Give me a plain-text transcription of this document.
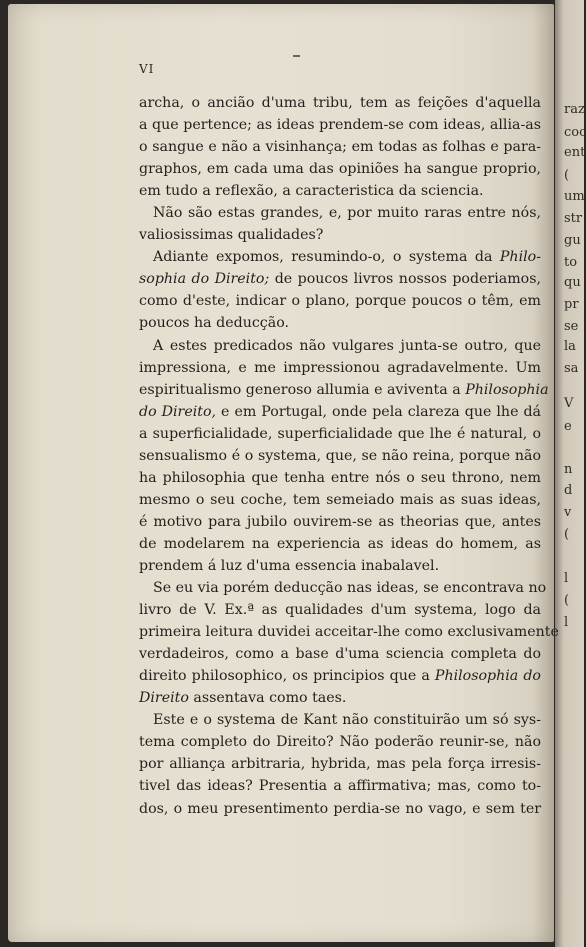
raz
coc
ent
(
um
str
gu
to
qu
pr
se
la
sa
V
e
n
d
v
(
l
(
l
VI
archa, o ancião d'uma tribu, tem as feições d'aquella
a que pertence; as ideas prendem-se com ideas, allia-as
o sangue e não a visinhança; em todas as folhas e para-
graphos, em cada uma das opiniões ha sangue proprio,
em tudo a reflexão, a caracteristica da sciencia.
Não são estas grandes, e, por muito raras entre nós,
valiosissimas qualidades?
Adiante expomos, resumindo-o, o systema da Philo-
sophia do Direito; de poucos livros nossos poderiamos,
como d'este, indicar o plano, porque poucos o têm, em
poucos ha deducção.
A estes predicados não vulgares junta-se outro, que
impressiona, e me impressionou agradavelmente. Um
espiritualismo generoso allumia e aviventa a Philosophia
do Direito, e em Portugal, onde pela clareza que lhe dá
a superficialidade, superficialidade que lhe é natural, o
sensualismo é o systema, que, se não reina, porque não
ha philosophia que tenha entre nós o seu throno, nem
mesmo o seu coche, tem semeiado mais as suas ideas,
é motivo para jubilo ouvirem-se as theorias que, antes
de modelarem na experiencia as ideas do homem, as
prendem á luz d'uma essencia inabalavel.
Se eu via porém deducção nas ideas, se encontrava no
livro de V. Ex.ª as qualidades d'um systema, logo da
primeira leitura duvidei acceitar-lhe como exclusivamente
verdadeiros, como a base d'uma sciencia completa do
direito philosophico, os principios que a Philosophia do
Direito assentava como taes.
Este e o systema de Kant não constituirão um só sys-
tema completo do Direito? Não poderão reunir-se, não
por alliança arbitraria, hybrida, mas pela força irresis-
tivel das ideas? Presentia a affirmativa; mas, como to-
dos, o meu presentimento perdia-se no vago, e sem ter
